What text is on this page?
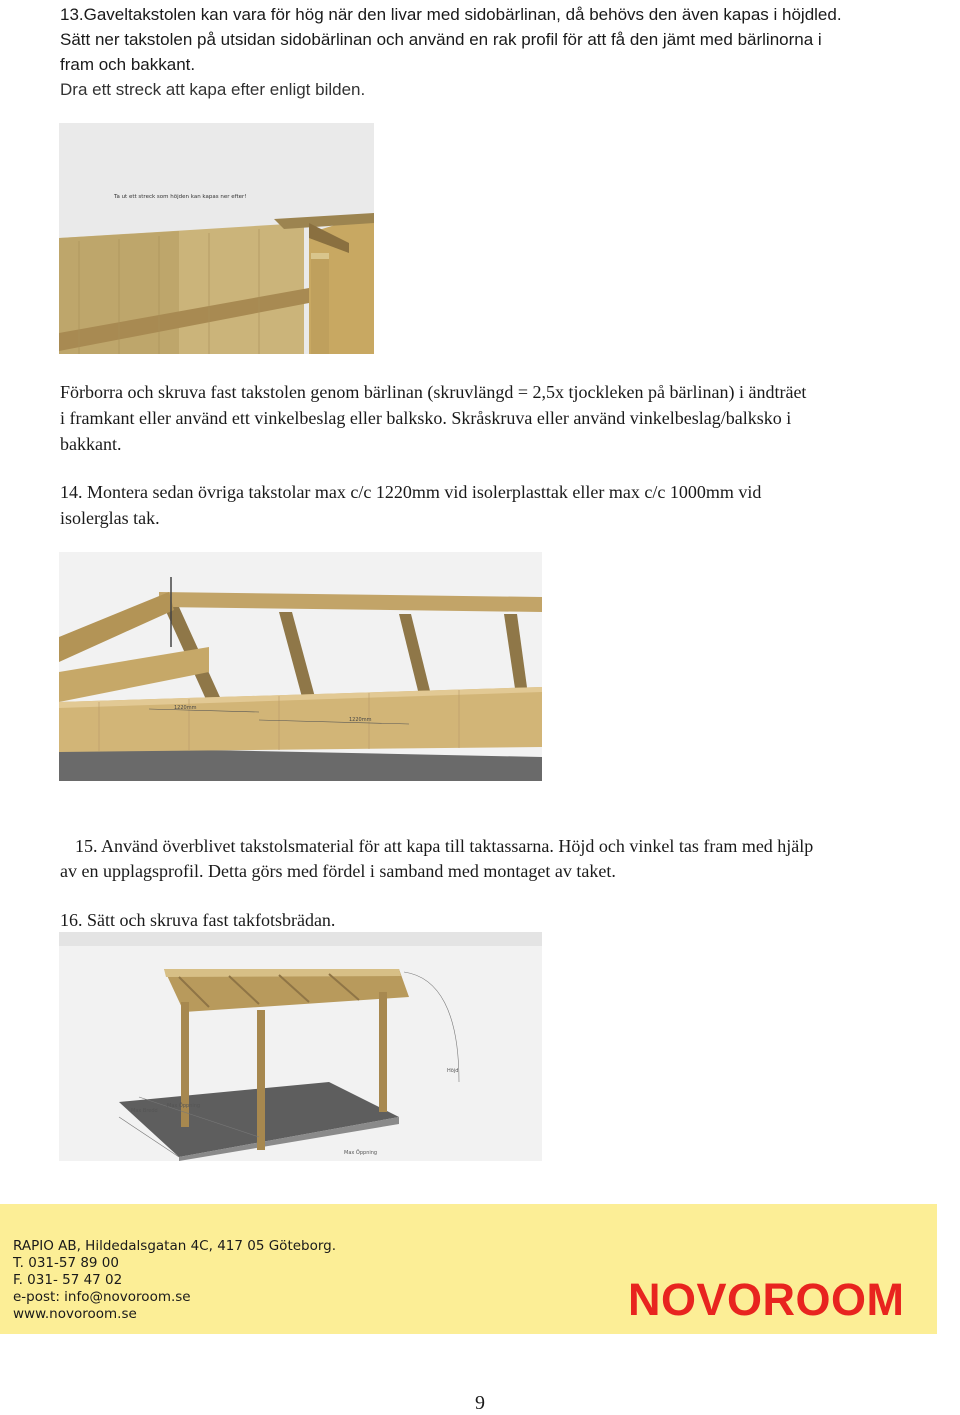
13.Gaveltakstolen kan vara för hög när den livar med sidobärlinan, då behövs den även kapas i höjdled.

Sätt ner takstolen på utsidan sidobärlinan och använd en rak profil för att få den jämt med bärlinorna i

fram och bakkant.

Dra ett streck att kapa efter enligt bilden.

Ta ut ett streck som höjden kan kapas ner efter!

Förborra och skruva fast takstolen genom bärlinan (skruvlängd = 2,5x tjockleken på bärlinan) i ändträet

i framkant eller använd ett vinkelbeslag eller balksko. Skråskruva eller använd vinkelbeslag/balksko i

bakkant.

14. Montera sedan övriga takstolar max c/c 1220mm vid isolerplasttak eller max c/c 1000mm vid

isolerglas tak.

1220mm
1220mm

15. Använd överblivet takstolsmaterial för att kapa till taktassarna. Höjd och vinkel tas fram med hjälp

av en upplagsprofil. Detta görs med fördel i samband med montaget av taket.

16. Sätt och skruva fast takfotsbrädan.

Höjd
Max Bredd
Max Öppning
Max Öppning
RAPIO AB, Hildedalsgatan 4C, 417 05 Göteborg.
T. 031-57 89 00
F. 031- 57 47 02
e-post: info@novoroom.se
www.novoroom.se	NOVOROOM
9
